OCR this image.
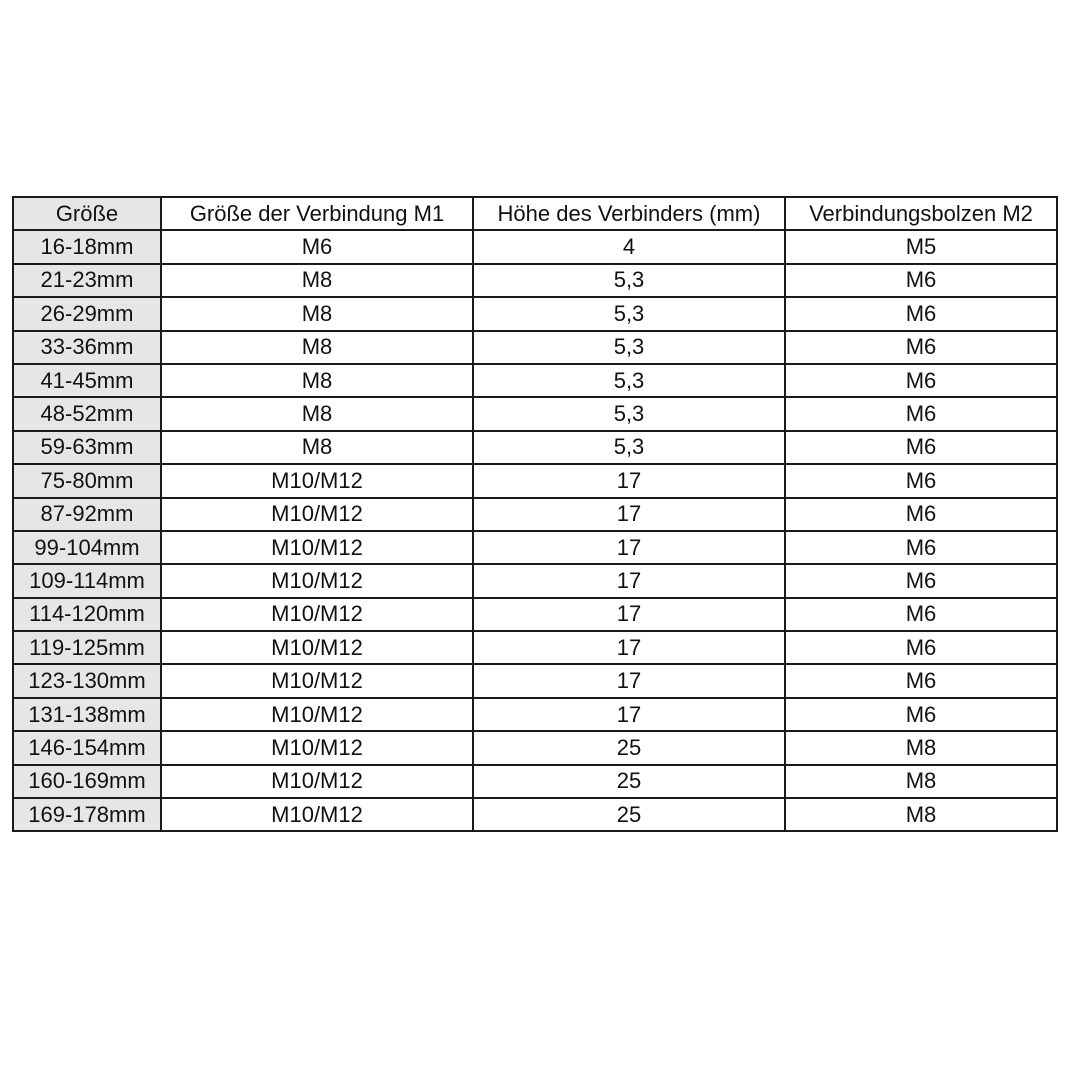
Größe	Größe der Verbindung M1	Höhe des Verbinders (mm)	Verbindungsbolzen M2
16-18mm	M6	4	M5
21-23mm	M8	5,3	M6
26-29mm	M8	5,3	M6
33-36mm	M8	5,3	M6
41-45mm	M8	5,3	M6
48-52mm	M8	5,3	M6
59-63mm	M8	5,3	M6
75-80mm	M10/M12	17	M6
87-92mm	M10/M12	17	M6
99-104mm	M10/M12	17	M6
109-114mm	M10/M12	17	M6
114-120mm	M10/M12	17	M6
119-125mm	M10/M12	17	M6
123-130mm	M10/M12	17	M6
131-138mm	M10/M12	17	M6
146-154mm	M10/M12	25	M8
160-169mm	M10/M12	25	M8
169-178mm	M10/M12	25	M8
